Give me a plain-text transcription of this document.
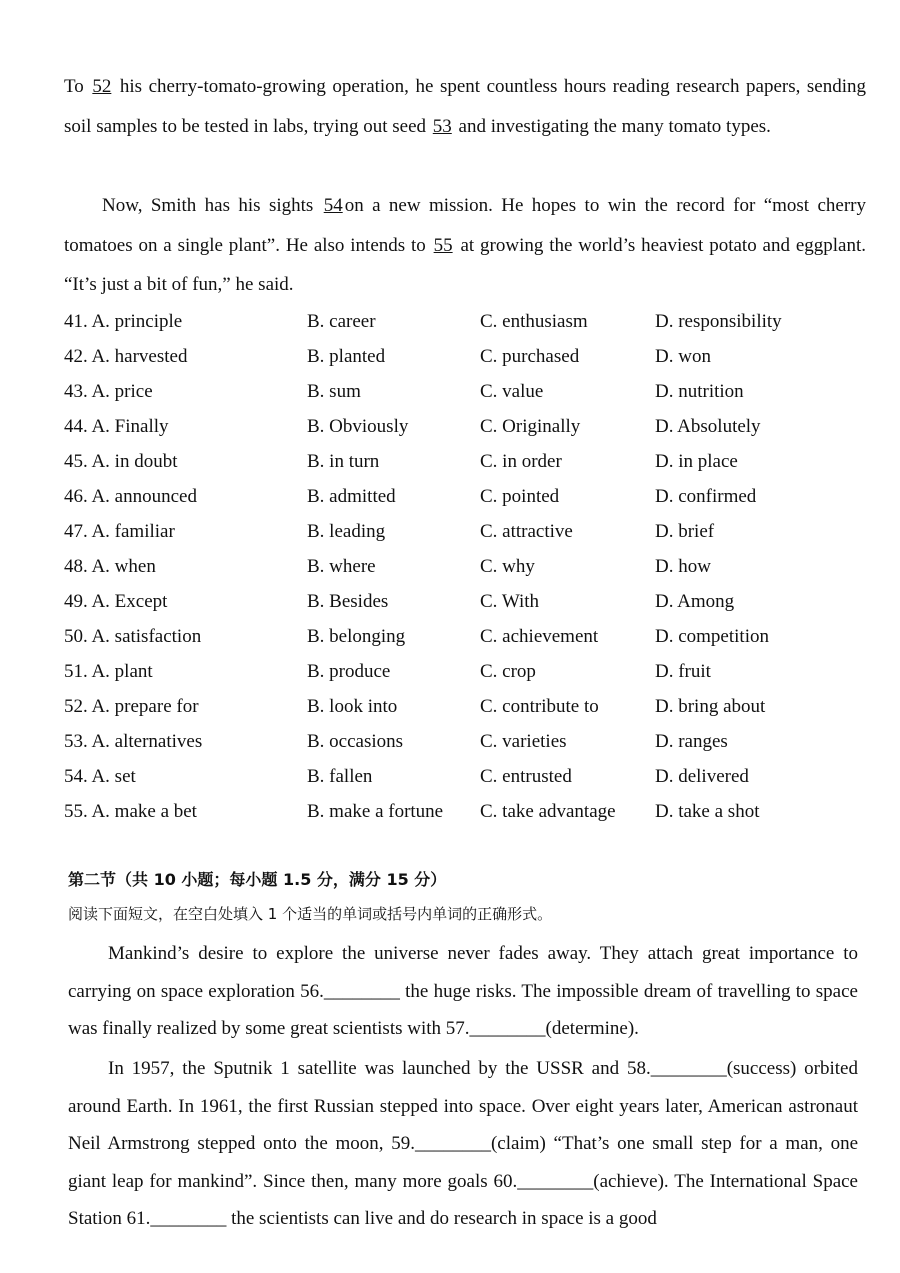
To 52 his cherry-tomato-growing operation, he spent countless hours reading research papers, sending soil samples to be tested in labs, trying out seed 53 and investigating the many tomato types.

Now, Smith has his sights 54 on a new mission. He hopes to win the record for “most cherry tomatoes on a single plant”. He also intends to 55 at growing the world’s heaviest potato and eggplant. “It’s just a bit of fun,” he said.

41. A. principle	B. career	C. enthusiasm	D. responsibility
42. A. harvested	B. planted	C. purchased	D. won
43. A. price	B. sum	C. value	D. nutrition
44. A. Finally	B. Obviously	C. Originally	D. Absolutely
45. A. in doubt	B. in turn	C. in order	D. in place
46. A. announced	B. admitted	C. pointed	D. confirmed
47. A. familiar	B. leading	C. attractive	D. brief
48. A. when	B. where	C. why	D. how
49. A. Except	B. Besides	C. With	D. Among
50. A. satisfaction	B. belonging	C. achievement	D. competition
51. A. plant	B. produce	C. crop	D. fruit
52. A. prepare for	B. look into	C. contribute to	D. bring about
53. A. alternatives	B. occasions	C. varieties	D. ranges
54. A. set	B. fallen	C. entrusted	D. delivered
55. A. make a bet	B. make a fortune C. take advantage D. take a shot
第二节（共 10 小题；每小题 1.5 分，满分 15 分）
阅读下面短文，在空白处填入 1 个适当的单词或括号内单词的正确形式。

Mankind’s desire to explore the universe never fades away. They attach great importance to carrying on space exploration 56.________ the huge risks. The impossible dream of travelling to space was finally realized by some great scientists with 57.________(determine).

In 1957, the Sputnik 1 satellite was launched by the USSR and 58.________(success) orbited around Earth. In 1961, the first Russian stepped into space. Over eight years later, American astronaut Neil Armstrong stepped onto the moon, 59.________(claim) “That’s one small step for a man, one giant leap for mankind”. Since then, many more goals 60.________(achieve). The International Space Station 61.________ the scientists can live and do research in space is a good
